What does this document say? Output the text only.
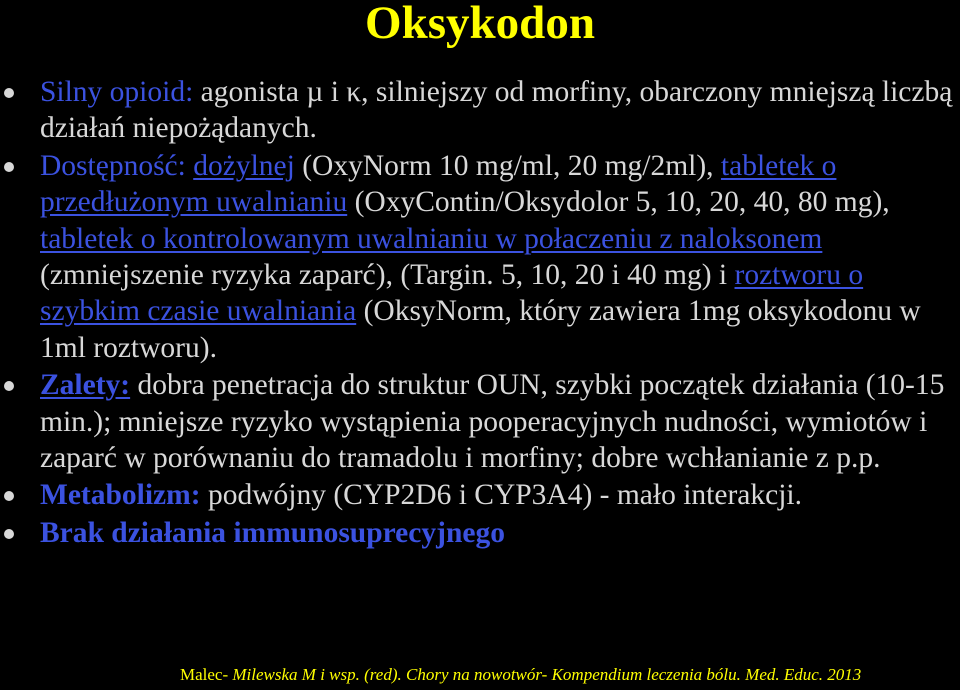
Oksykodon
Silny opioid: agonista µ i κ, silniejszy od morfiny, obarczony mniejszą liczbą działań niepożądanych.
Dostępność: dożylnej (OxyNorm 10 mg/ml, 20 mg/2ml), tabletek o przedłużonym uwalnianiu (OxyContin/Oksydolor 5, 10, 20, 40, 80 mg), tabletek o kontrolowanym uwalnianiu w połaczeniu z naloksonem (zmniejszenie ryzyka zaparć), (Targin. 5, 10, 20 i 40 mg) i roztworu o szybkim czasie uwalniania (OksyNorm, który zawiera 1mg oksykodonu w 1ml roztworu).
Zalety: dobra penetracja do struktur OUN, szybki początek działania (10-15 min.); mniejsze ryzyko wystąpienia pooperacyjnych nudności, wymiotów i zaparć w porównaniu do tramadolu i morfiny; dobre wchłanianie z p.p.
Metabolizm: podwójny (CYP2D6 i CYP3A4) - mało interakcji.
Brak działania immunosuprecyjnego
Malec- Milewska M i wsp. (red). Chory na nowotwór- Kompendium leczenia bólu. Med. Educ. 2013
